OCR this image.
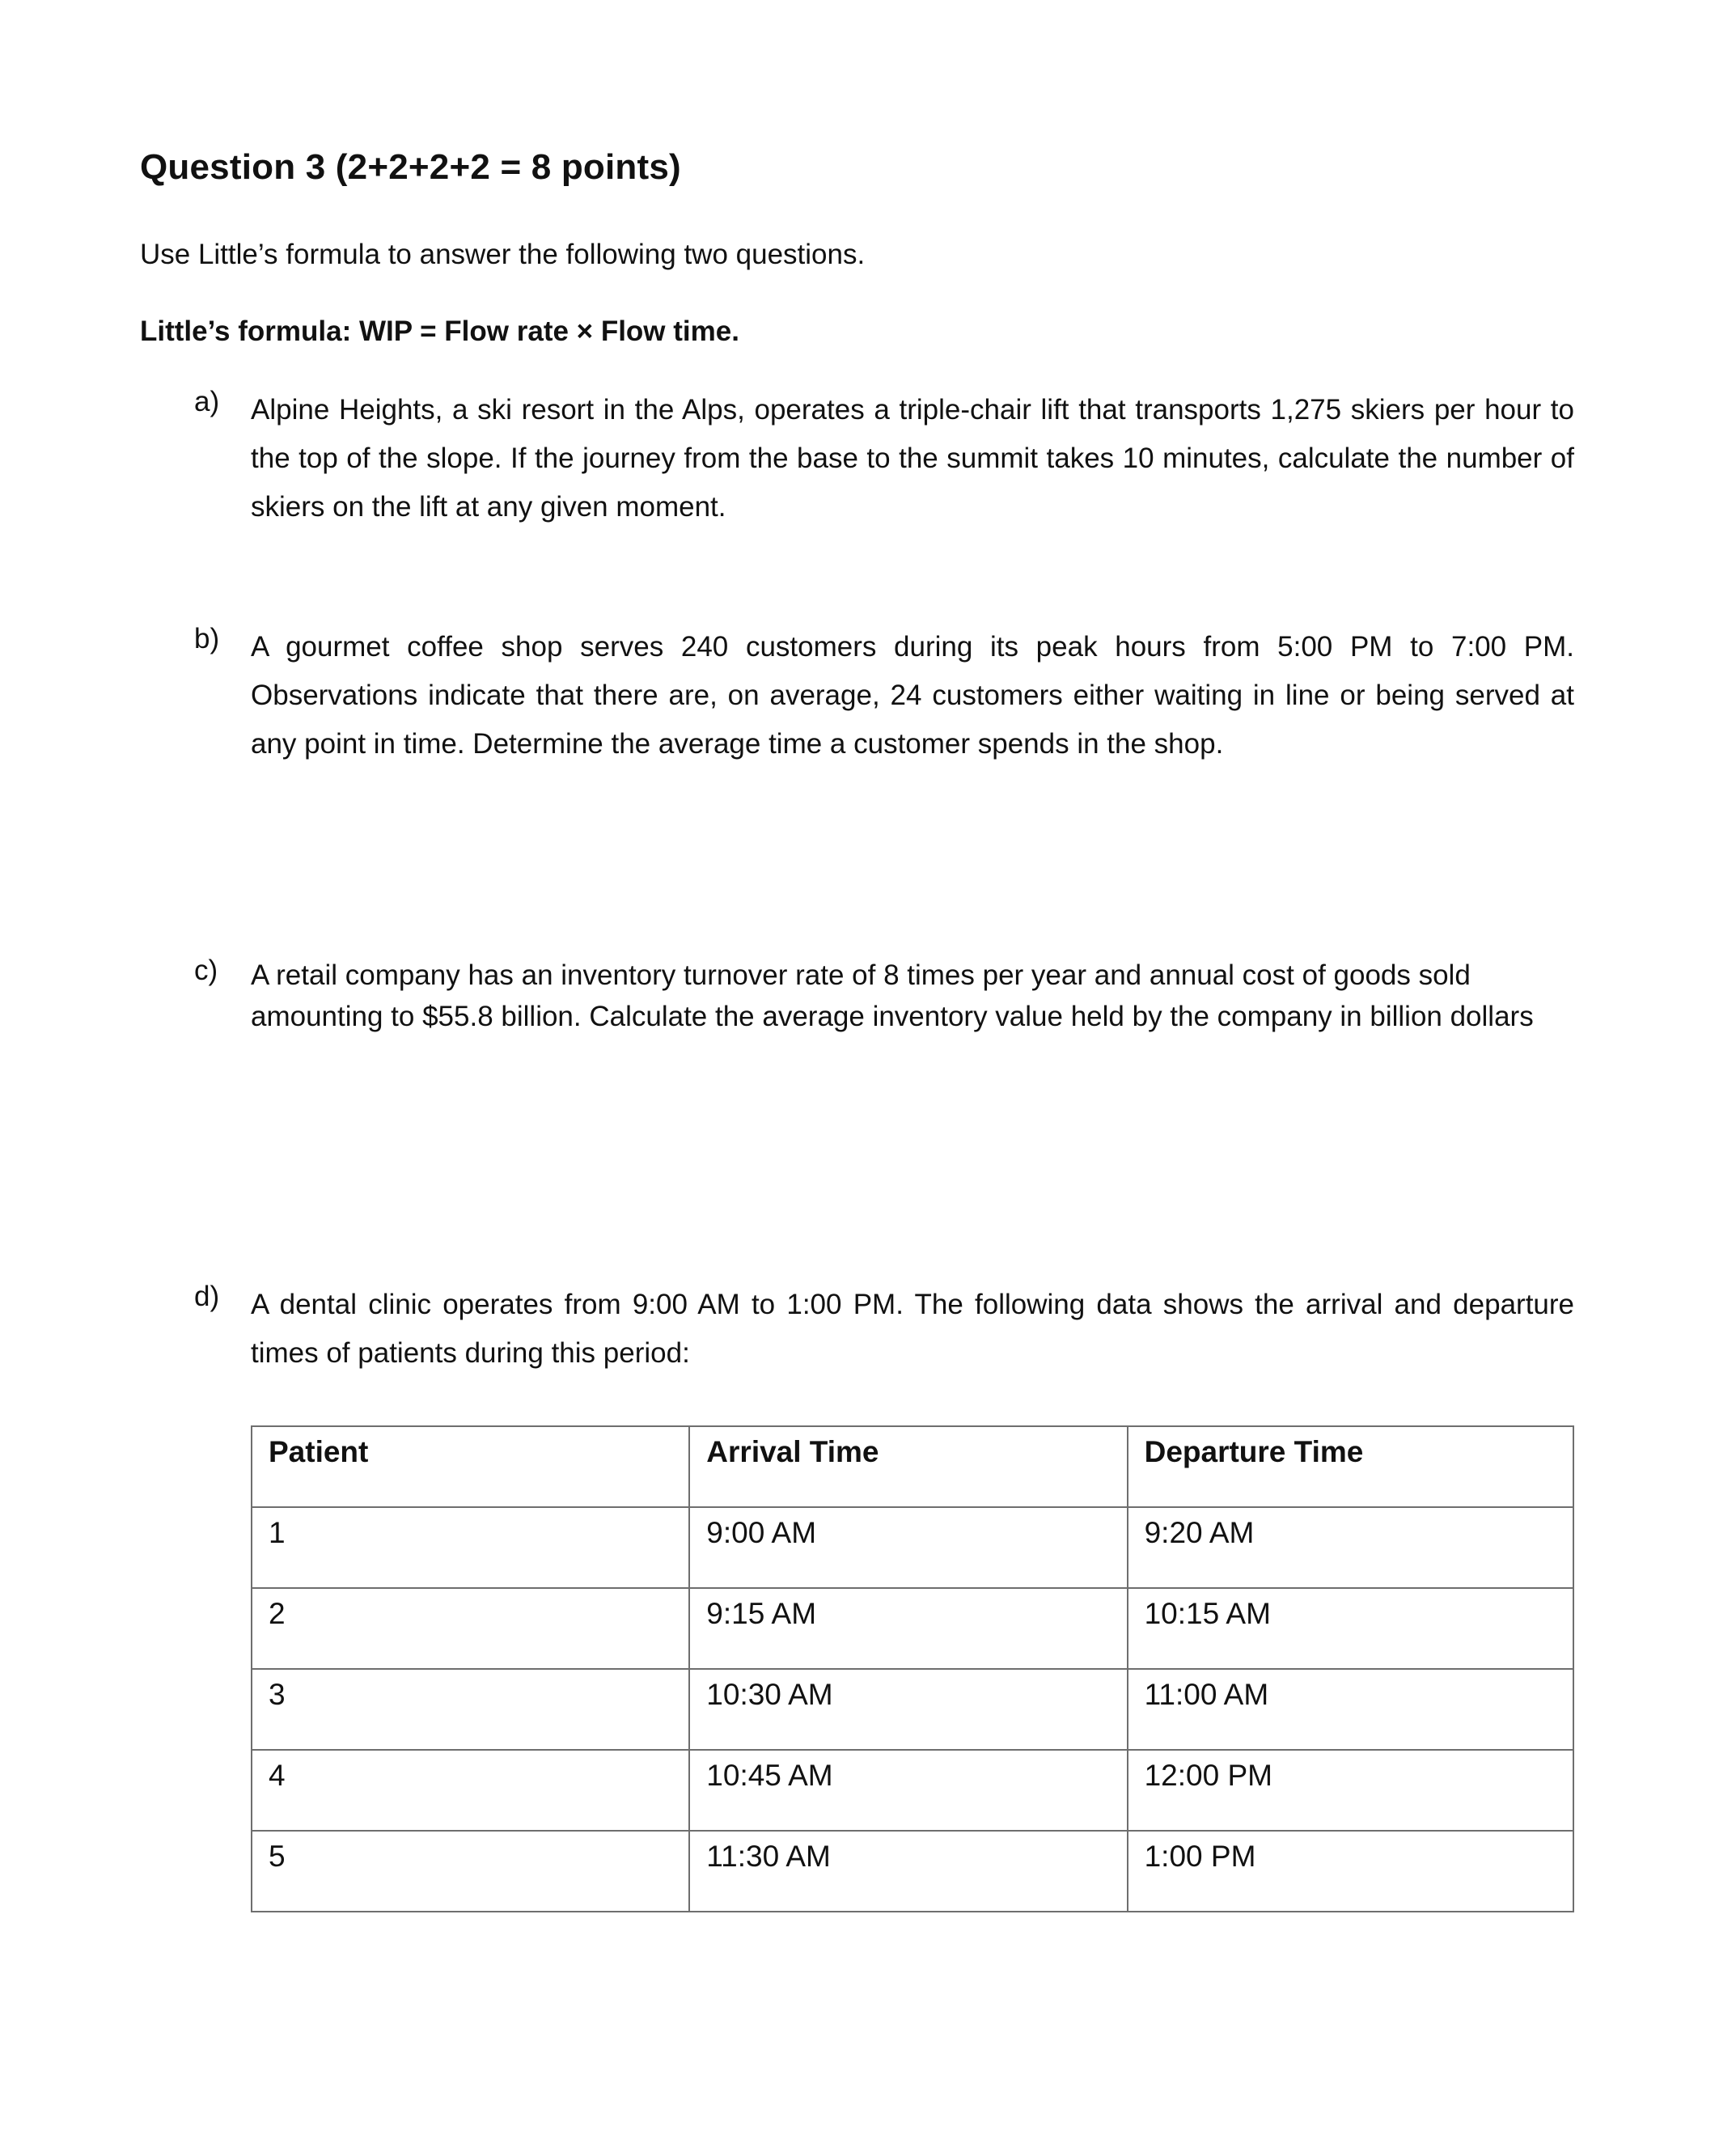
Question 3 (2+2+2+2 = 8 points)
Use Little’s formula to answer the following two questions.
Little’s formula: WIP = Flow rate × Flow time.
a) Alpine Heights, a ski resort in the Alps, operates a triple-chair lift that transports 1,275 skiers per hour to the top of the slope. If the journey from the base to the summit takes 10 minutes, calculate the number of skiers on the lift at any given moment.
b) A gourmet coffee shop serves 240 customers during its peak hours from 5:00 PM to 7:00 PM. Observations indicate that there are, on average, 24 customers either waiting in line or being served at any point in time. Determine the average time a customer spends in the shop.
c) A retail company has an inventory turnover rate of 8 times per year and annual cost of goods sold amounting to $55.8 billion. Calculate the average inventory value held by the company in billion dollars
d) A dental clinic operates from 9:00 AM to 1:00 PM. The following data shows the arrival and departure times of patients during this period:
Patient	Arrival Time	Departure Time
1	9:00 AM	9:20 AM
2	9:15 AM	10:15 AM
3	10:30 AM	11:00 AM
4	10:45 AM	12:00 PM
5	11:30 AM	1:00 PM
